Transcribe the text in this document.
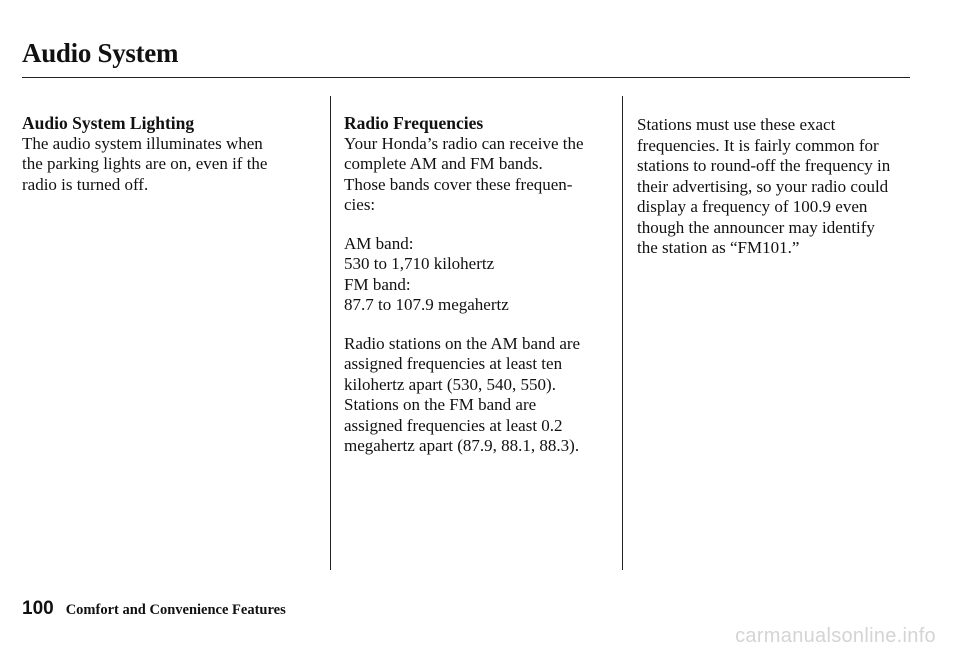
Audio System
Audio System Lighting
The audio system illuminates when
the parking lights are on, even if the
radio is turned off.
Radio Frequencies
Your Honda’s radio can receive the
complete AM and FM bands.
Those bands cover these frequen-
cies:
AM band:
530 to 1,710 kilohertz
FM band:
87.7 to 107.9 megahertz
Radio stations on the AM band are
assigned frequencies at least ten
kilohertz apart (530, 540, 550).
Stations on the FM band are
assigned frequencies at least 0.2
megahertz apart (87.9, 88.1, 88.3).
Stations must use these exact
frequencies. It is fairly common for
stations to round-off the frequency in
their advertising, so your radio could
display a frequency of 100.9 even
though the announcer may identify
the station as “FM101.”
100 Comfort and Convenience Features
carmanualsonline.info
